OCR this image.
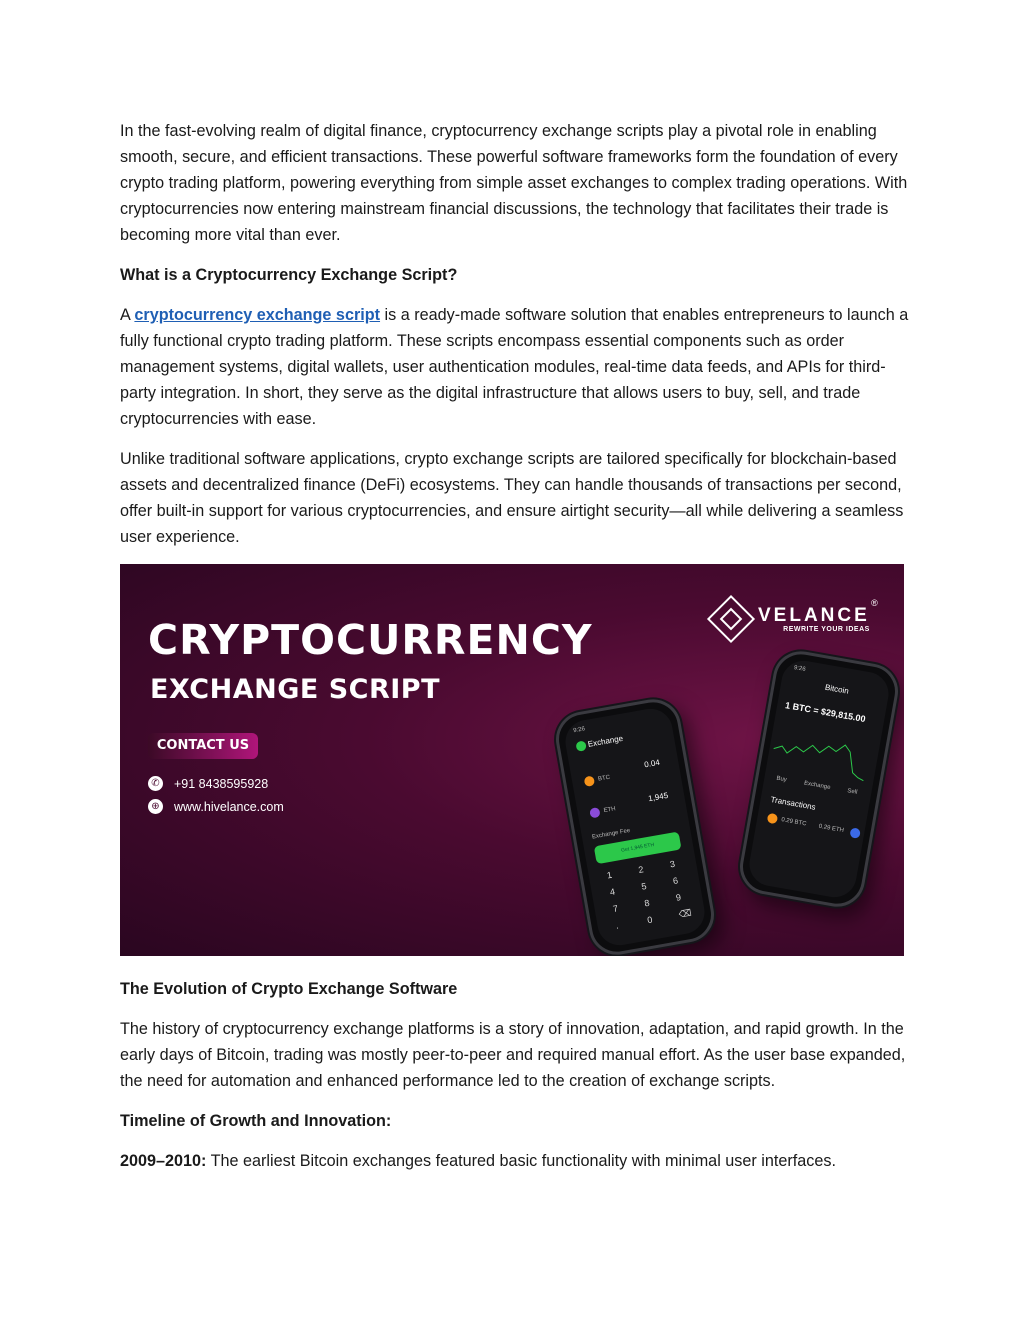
In the fast-evolving realm of digital finance, cryptocurrency exchange scripts play a pivotal role in enabling smooth, secure, and efficient transactions. These powerful software frameworks form the foundation of every crypto trading platform, powering everything from simple asset exchanges to complex trading operations. With cryptocurrencies now entering mainstream financial discussions, the technology that facilitates their trade is becoming more vital than ever.

What is a Cryptocurrency Exchange Script?

A cryptocurrency exchange script is a ready-made software solution that enables entrepreneurs to launch a fully functional crypto trading platform. These scripts encompass essential components such as order management systems, digital wallets, user authentication modules, real-time data feeds, and APIs for third-party integration. In short, they serve as the digital infrastructure that allows users to buy, sell, and trade cryptocurrencies with ease.

Unlike traditional software applications, crypto exchange scripts are tailored specifically for blockchain-based assets and decentralized finance (DeFi) ecosystems. They can handle thousands of transactions per second, offer built-in support for various cryptocurrencies, and ensure airtight security—all while delivering a seamless user experience.

CRYPTOCURRENCY
EXCHANGE SCRIPT
CONTACT US
✆ +91 8438595928
⊕ www.hivelance.com
VELANCE
REWRITE YOUR IDEAS
®
9:26
Exchange
BTC
0.04
ETH
1,945
Exchange Fee
Get 1,945 ETH
1
2
3
4
5
6
7
8
9
.
0
⌫
9:26
Bitcoin
1 BTC = $29,815.00
Buy
Exchange
Sell
Transactions
0.29 BTC
0.29 ETH

The Evolution of Crypto Exchange Software

The history of cryptocurrency exchange platforms is a story of innovation, adaptation, and rapid growth. In the early days of Bitcoin, trading was mostly peer-to-peer and required manual effort. As the user base expanded, the need for automation and enhanced performance led to the creation of exchange scripts.

Timeline of Growth and Innovation:

2009–2010: The earliest Bitcoin exchanges featured basic functionality with minimal user interfaces.
